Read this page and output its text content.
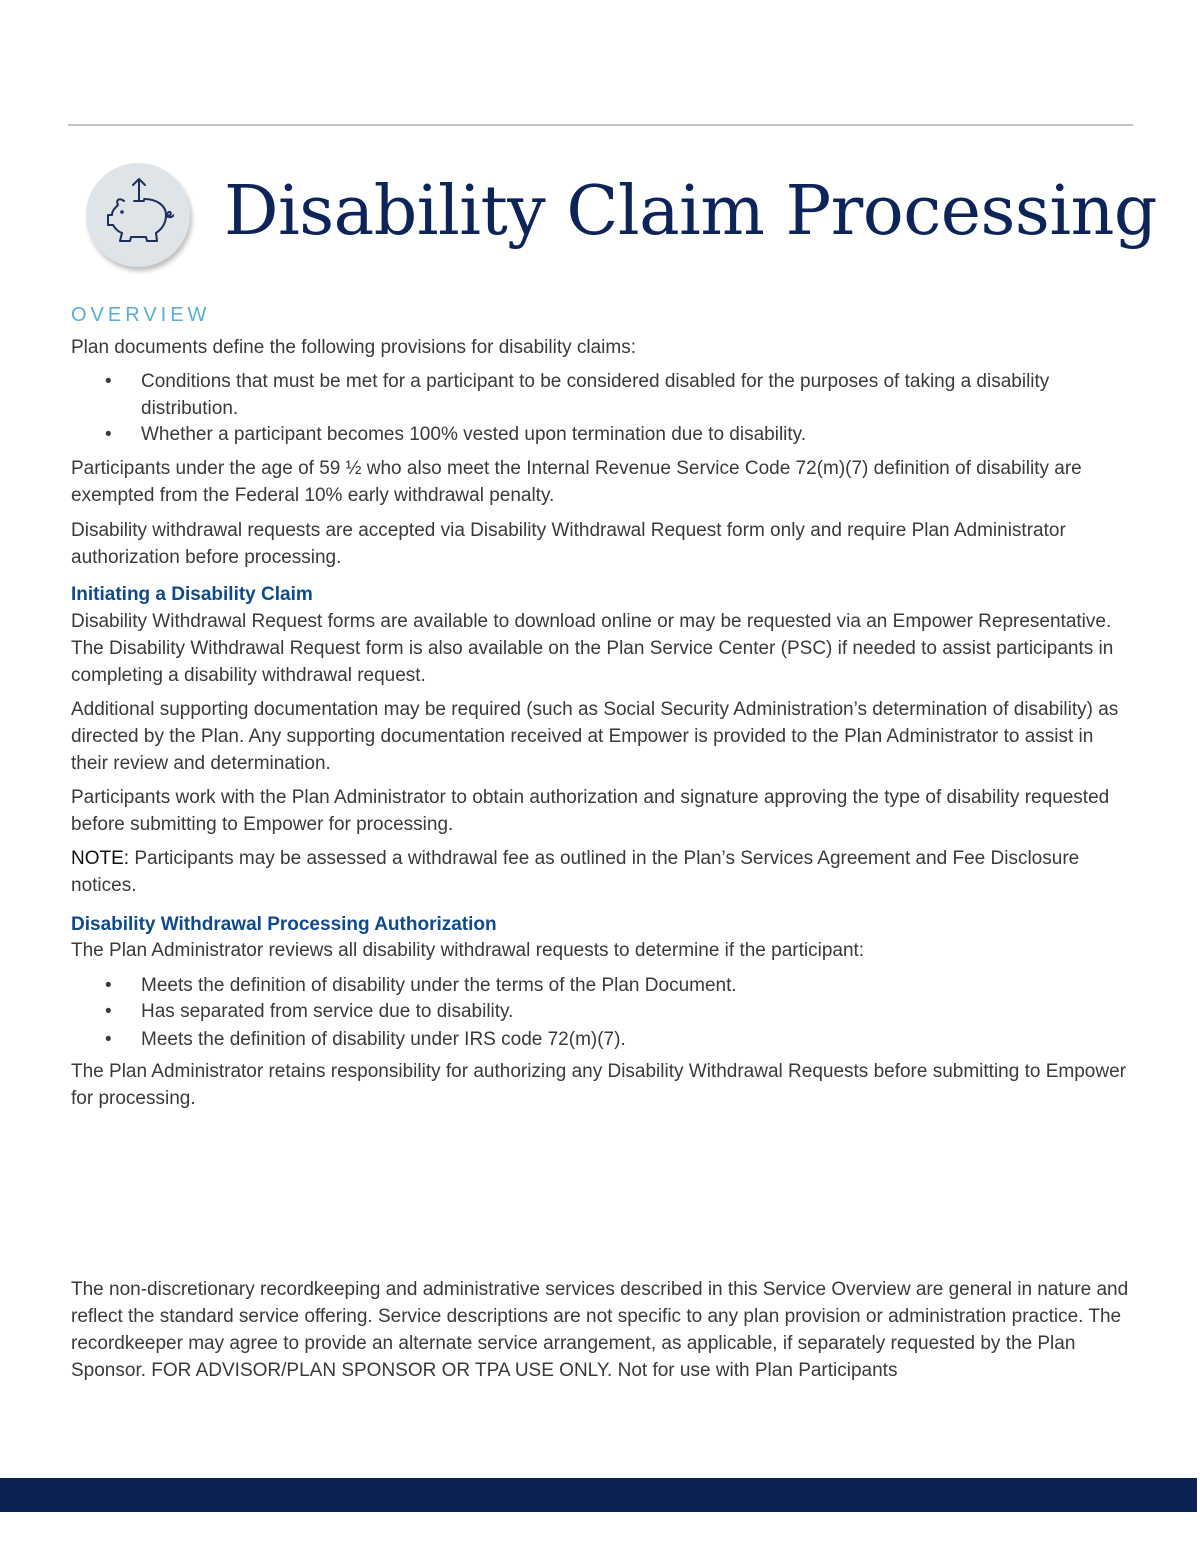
Disability Claim Processing
OVERVIEW
Plan documents define the following provisions for disability claims:
• Conditions that must be met for a participant to be considered disabled for the purposes of taking a disability distribution.
• Whether a participant becomes 100% vested upon termination due to disability.
Participants under the age of 59 ½ who also meet the Internal Revenue Service Code 72(m)(7) definition of disability are exempted from the Federal 10% early withdrawal penalty.
Disability withdrawal requests are accepted via Disability Withdrawal Request form only and require Plan Administrator authorization before processing.
Initiating a Disability Claim
Disability Withdrawal Request forms are available to download online or may be requested via an Empower Representative. The Disability Withdrawal Request form is also available on the Plan Service Center (PSC) if needed to assist participants in completing a disability withdrawal request.
Additional supporting documentation may be required (such as Social Security Administration’s determination of disability) as directed by the Plan. Any supporting documentation received at Empower is provided to the Plan Administrator to assist in their review and determination.
Participants work with the Plan Administrator to obtain authorization and signature approving the type of disability requested before submitting to Empower for processing.
NOTE: Participants may be assessed a withdrawal fee as outlined in the Plan’s Services Agreement and Fee Disclosure notices.
Disability Withdrawal Processing Authorization
The Plan Administrator reviews all disability withdrawal requests to determine if the participant:
• Meets the definition of disability under the terms of the Plan Document.
• Has separated from service due to disability.
• Meets the definition of disability under IRS code 72(m)(7).
The Plan Administrator retains responsibility for authorizing any Disability Withdrawal Requests before submitting to Empower for processing.
The non-discretionary recordkeeping and administrative services described in this Service Overview are general in nature and reflect the standard service offering. Service descriptions are not specific to any plan provision or administration practice. The recordkeeper may agree to provide an alternate service arrangement, as applicable, if separately requested by the Plan Sponsor. FOR ADVISOR/PLAN SPONSOR OR TPA USE ONLY. Not for use with Plan Participants
